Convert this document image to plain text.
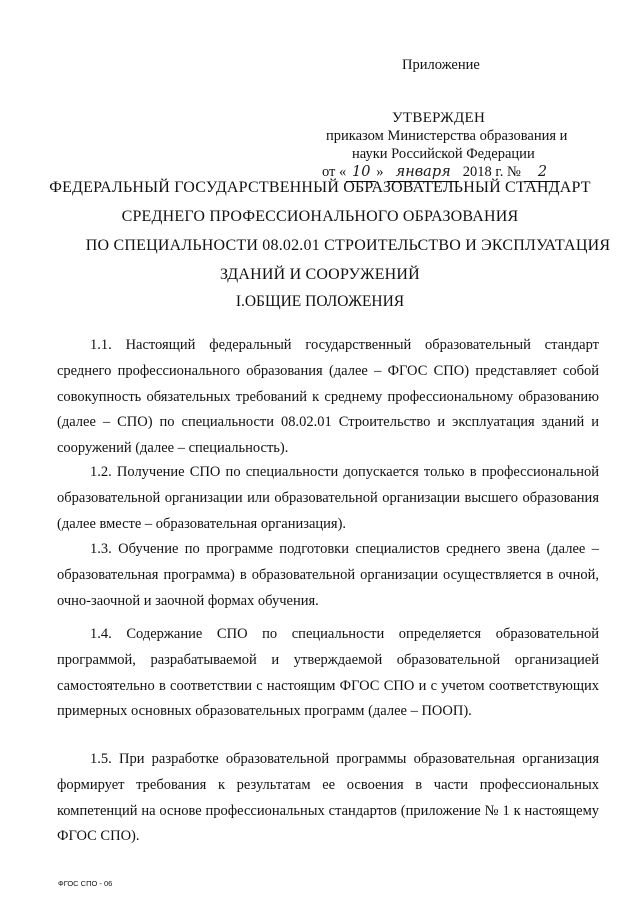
Приложение
УТВЕРЖДЕН
приказом Министерства образования и
науки Российской Федерации
от « 10 » января 2018 г. № 2
ФЕДЕРАЛЬНЫЙ ГОСУДАРСТВЕННЫЙ ОБРАЗОВАТЕЛЬНЫЙ СТАНДАРТ
СРЕДНЕГО ПРОФЕССИОНАЛЬНОГО ОБРАЗОВАНИЯ
ПО СПЕЦИАЛЬНОСТИ 08.02.01 СТРОИТЕЛЬСТВО И ЭКСПЛУАТАЦИЯ
ЗДАНИЙ И СООРУЖЕНИЙ
I.ОБЩИЕ ПОЛОЖЕНИЯ

1.1. Настоящий федеральный государственный образовательный стандарт среднего профессионального образования (далее – ФГОС СПО) представляет собой совокупность обязательных требований к среднему профессиональному образованию (далее – СПО) по специальности 08.02.01 Строительство и эксплуатация зданий и сооружений (далее – специальность).

1.2. Получение СПО по специальности допускается только в профессиональной образовательной организации или образовательной организации высшего образования (далее вместе – образовательная организация).

1.3. Обучение по программе подготовки специалистов среднего звена (далее – образовательная программа) в образовательной организации осуществляется в очной, очно-заочной и заочной формах обучения.

1.4. Содержание СПО по специальности определяется образовательной программой, разрабатываемой и утверждаемой образовательной организацией самостоятельно в соответствии с настоящим ФГОС СПО и с учетом соответствующих примерных основных образовательных программ (далее – ПООП).

1.5. При разработке образовательной программы образовательная организация формирует требования к результатам ее освоения в части профессиональных компетенций на основе профессиональных стандартов (приложение № 1 к настоящему ФГОС СПО).

ФГОС СПО - 06
